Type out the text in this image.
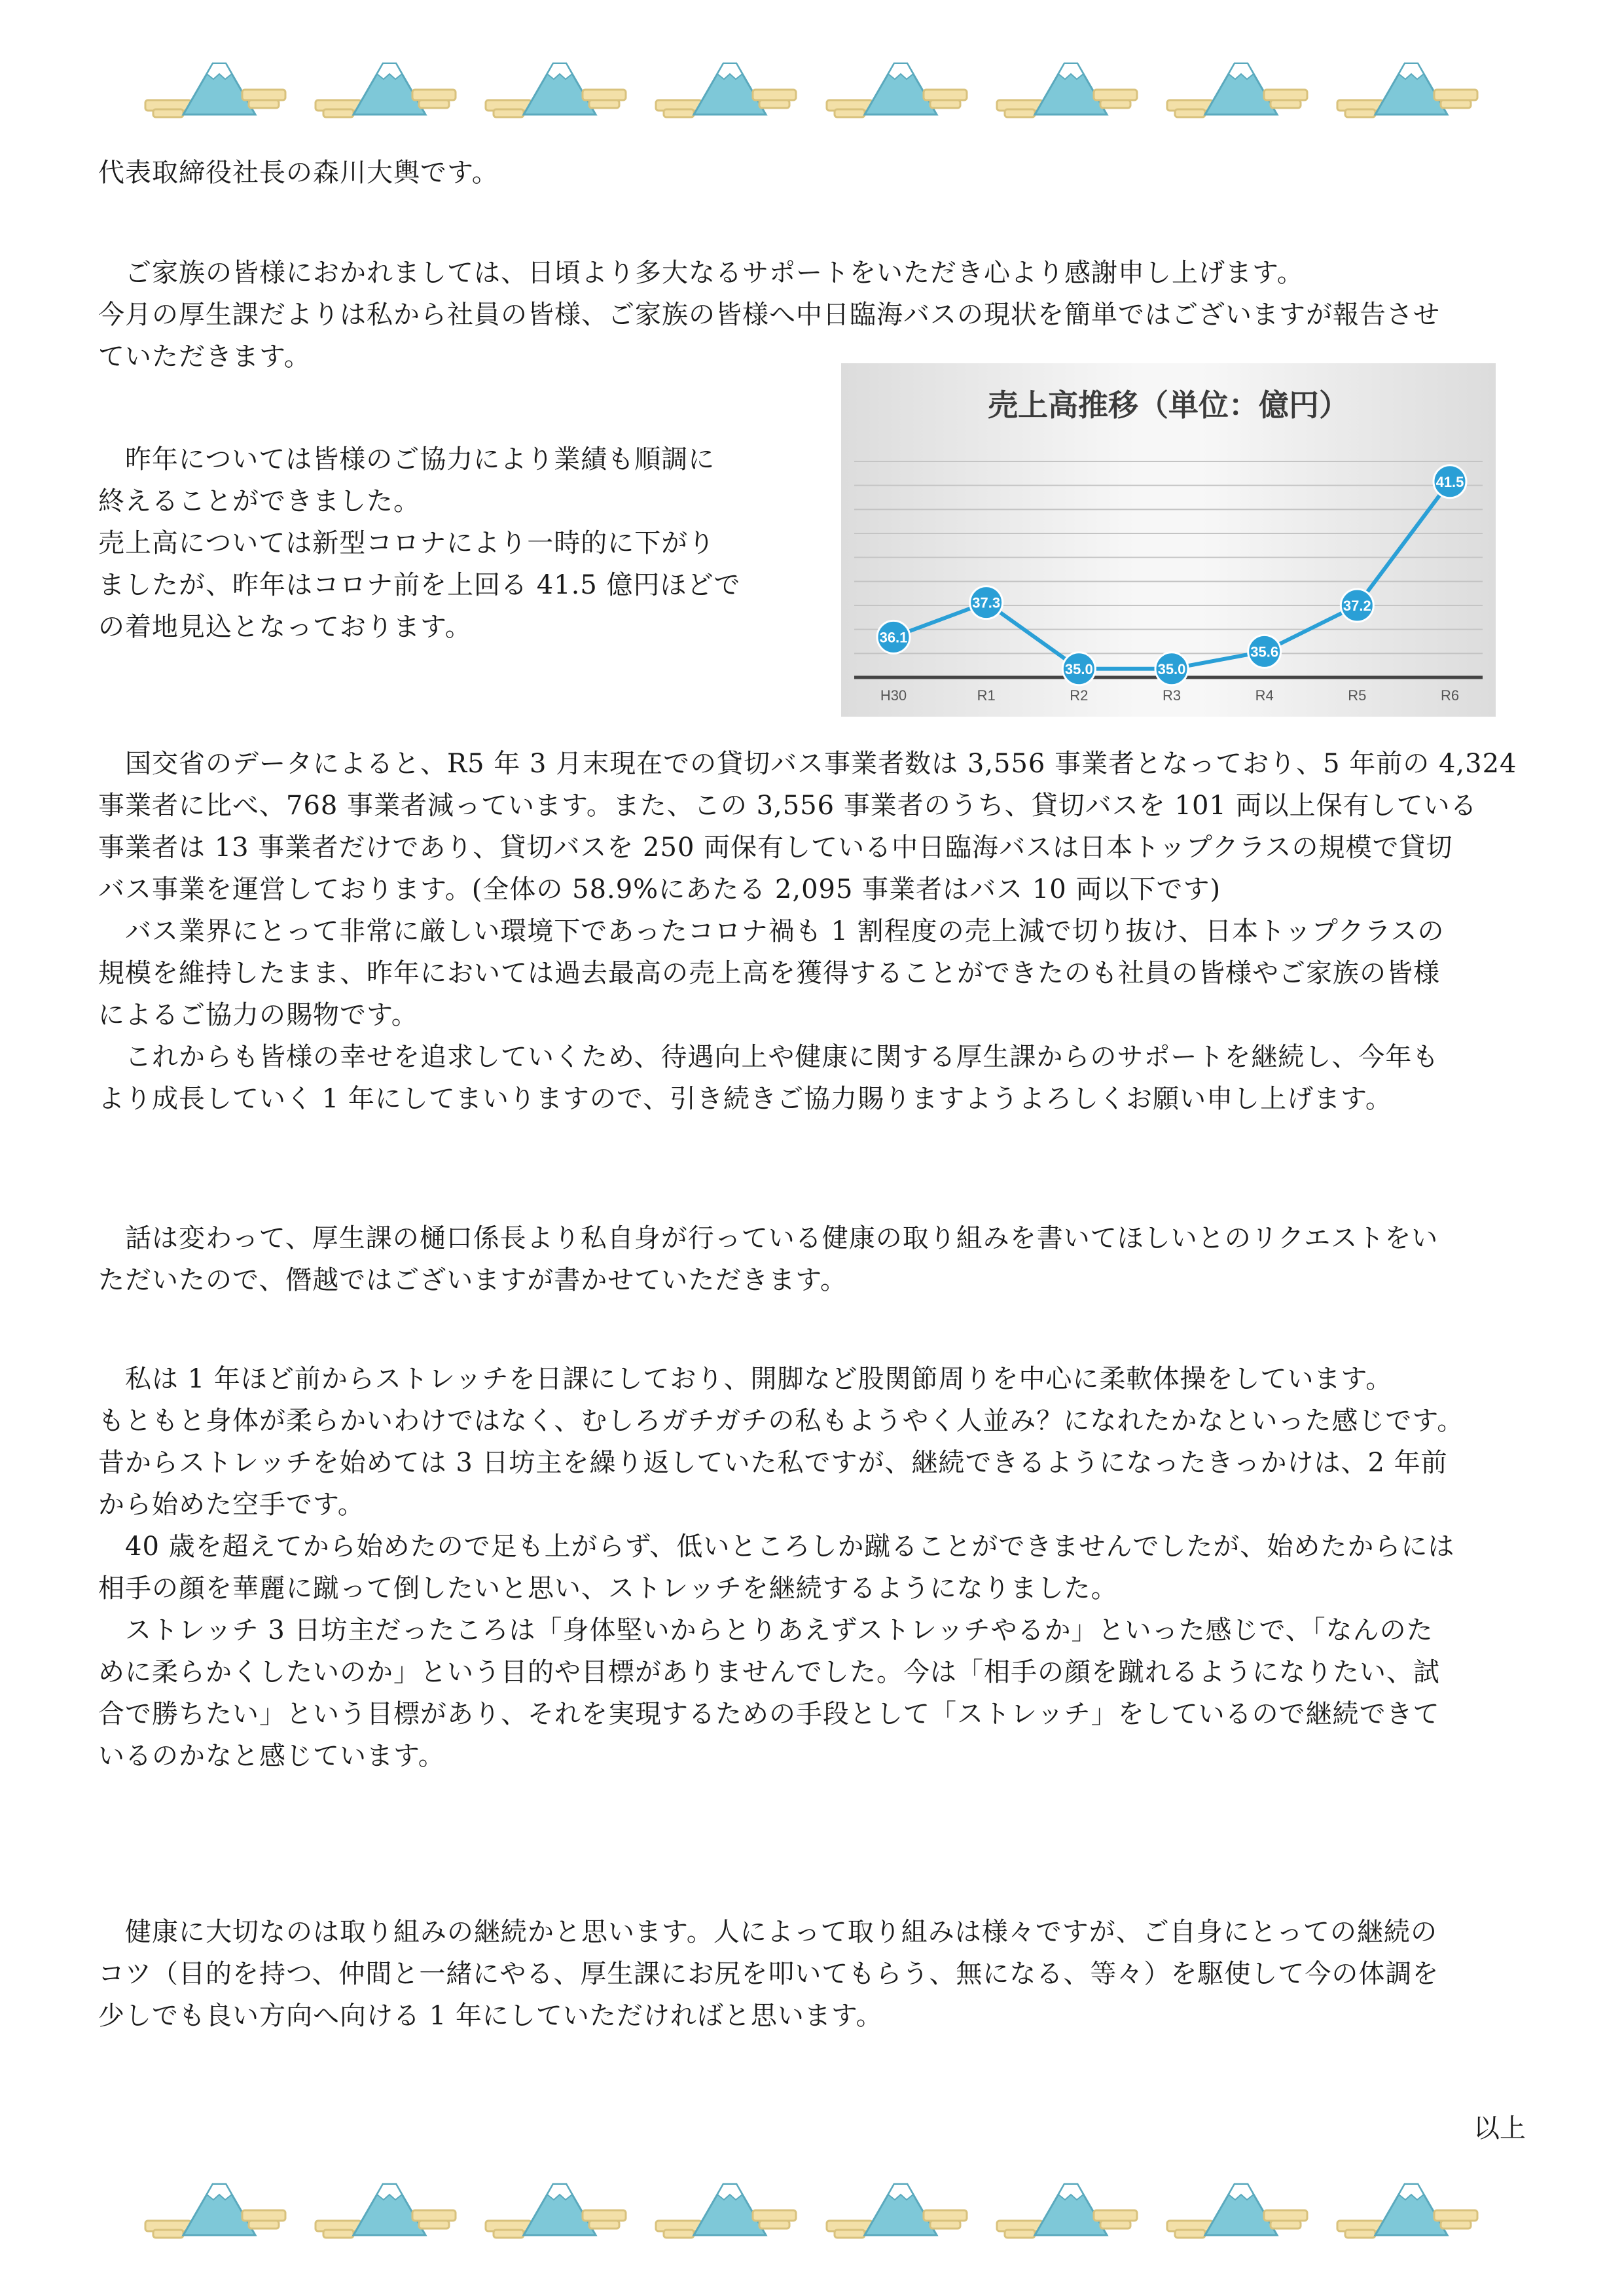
代表取締役社長の森川大輿です。

　ご家族の皆様におかれましては、日頃より多大なるサポートをいただき心より感謝申し上げます。
今月の厚生課だよりは私から社員の皆様、ご家族の皆様へ中日臨海バスの現状を簡単ではございますが報告させ
ていただきます。

　昨年については皆様のご協力により業績も順調に
終えることができました。
売上高については新型コロナにより一時的に下がり
ましたが、昨年はコロナ前を上回る 41.5 億円ほどで
の着地見込となっております。

売上高推移（単位：億円）
36.1
37.3
35.0	35.0
35.6
37.2
41.5
H30	R1	R2	R3	R4	R5	R6

　国交省のデータによると、R5 年 3 月末現在での貸切バス事業者数は 3,556 事業者となっており、5 年前の 4,324
事業者に比べ、768 事業者減っています。また、この 3,556 事業者のうち、貸切バスを 101 両以上保有している
事業者は 13 事業者だけであり、貸切バスを 250 両保有している中日臨海バスは日本トップクラスの規模で貸切
バス事業を運営しております。(全体の 58.9%にあたる 2,095 事業者はバス 10 両以下です)
　バス業界にとって非常に厳しい環境下であったコロナ禍も 1 割程度の売上減で切り抜け、日本トップクラスの
規模を維持したまま、昨年においては過去最高の売上高を獲得することができたのも社員の皆様やご家族の皆様
によるご協力の賜物です。
　これからも皆様の幸せを追求していくため、待遇向上や健康に関する厚生課からのサポートを継続し、今年も
より成長していく 1 年にしてまいりますので、引き続きご協力賜りますようよろしくお願い申し上げます。

　話は変わって、厚生課の樋口係長より私自身が行っている健康の取り組みを書いてほしいとのリクエストをい
ただいたので、僭越ではございますが書かせていただきます。

　私は 1 年ほど前からストレッチを日課にしており、開脚など股関節周りを中心に柔軟体操をしています。
もともと身体が柔らかいわけではなく、むしろガチガチの私もようやく人並み？になれたかなといった感じです。
昔からストレッチを始めては 3 日坊主を繰り返していた私ですが、継続できるようになったきっかけは、2 年前
から始めた空手です。
　40 歳を超えてから始めたので足も上がらず、低いところしか蹴ることができませんでしたが、始めたからには
相手の顔を華麗に蹴って倒したいと思い、ストレッチを継続するようになりました。
　ストレッチ 3 日坊主だったころは「身体堅いからとりあえずストレッチやるか」といった感じで、「なんのた
めに柔らかくしたいのか」という目的や目標がありませんでした。今は「相手の顔を蹴れるようになりたい、試
合で勝ちたい」という目標があり、それを実現するための手段として「ストレッチ」をしているので継続できて
いるのかなと感じています。

　健康に大切なのは取り組みの継続かと思います。人によって取り組みは様々ですが、ご自身にとっての継続の
コツ（目的を持つ、仲間と一緒にやる、厚生課にお尻を叩いてもらう、無になる、等々）を駆使して今の体調を
少しでも良い方向へ向ける 1 年にしていただければと思います。

以上
